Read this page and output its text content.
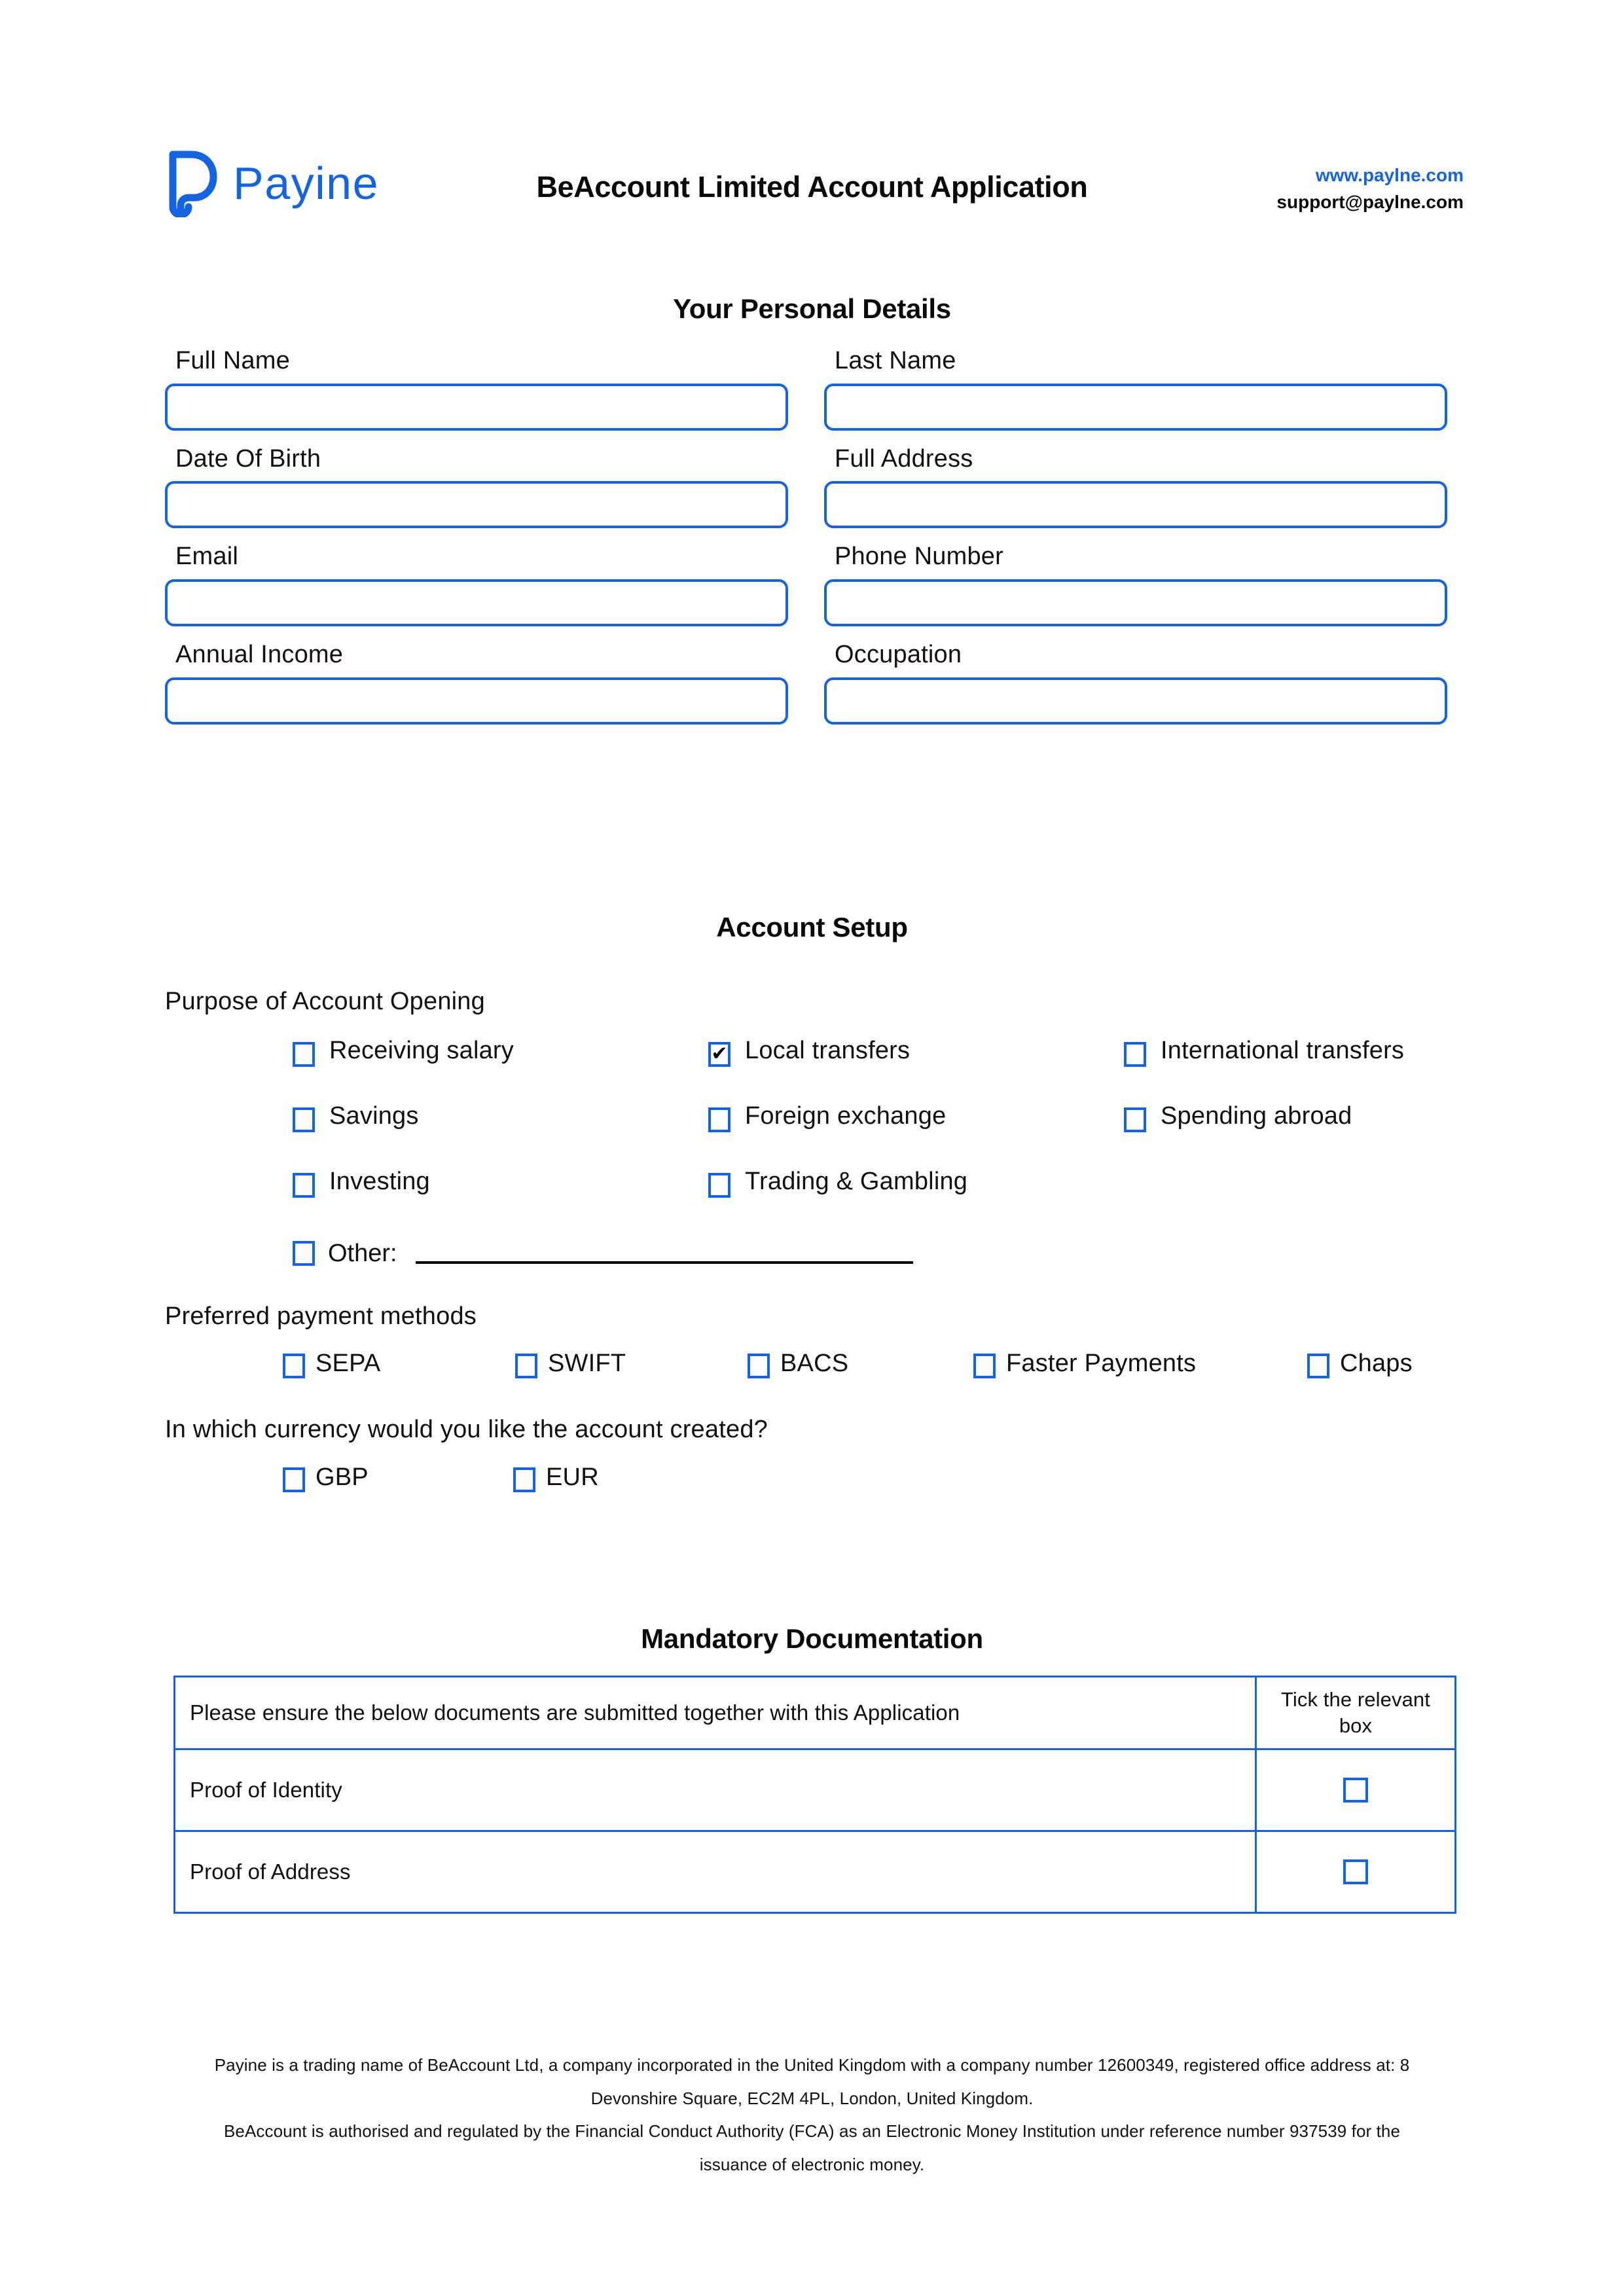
Payine	BeAccount Limited Account Application	www.paylne.com
support@paylne.com
Your Personal Details
Full Name	Last Name
Date Of Birth	Full Address
Email	Phone Number
Annual Income	Occupation
Account Setup
Purpose of Account Opening
Receiving salary ✔	Local transfers	International transfers
Savings	Foreign exchange	Spending abroad
Investing	Trading & Gambling
Other:
Preferred payment methods
SEPA	SWIFT	BACS	Faster Payments	Chaps
In which currency would you like the account created?
GBP	EUR
Mandatory Documentation
Please ensure the below documents are submitted together with this Application	Tick the relevant box
Proof of Identity	

Proof of Address	
Payine is a trading name of BeAccount Ltd, a company incorporated in the United Kingdom with a company number 12600349, registered office address at: 8
Devonshire Square, EC2M 4PL, London, United Kingdom.
BeAccount is authorised and regulated by the Financial Conduct Authority (FCA) as an Electronic Money Institution under reference number 937539 for the
issuance of electronic money.
